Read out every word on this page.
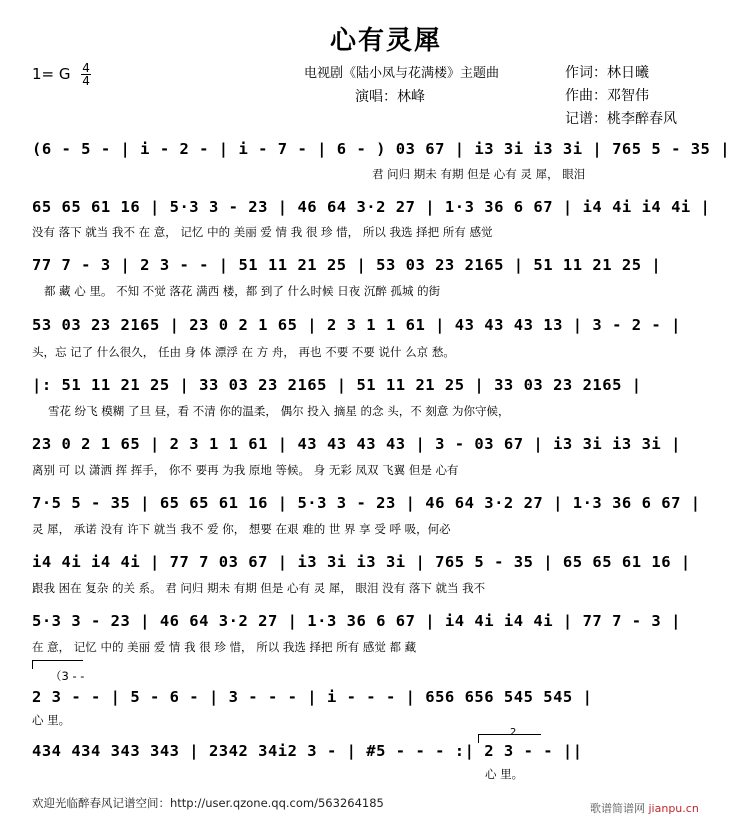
心有灵犀
1= G $\frac{4}{4}$	电视剧《陆小凤与花满楼》主题曲
演唱：林峰
作词：林日曦
作曲：邓智伟
记谱：桃李醉春风
(6 - 5 - | i - 2 - | i - 7 - | 6 - ) 03 67 | i3 3i i3 3i | 765 5 - 35 |
君 问归 期未 有期 但是 心有 灵 犀， 眼泪
65 65 61 16 | 5·3 3 - 23 | 46 64 3·2 27 | 1·3 36 6 67 | i4 4i i4 4i |
没有 落下 就当 我不 在 意， 记忆 中的 美丽 爱 情 我 很 珍 惜， 所以 我选 择把 所有 感觉
77 7 - 3 | 2 3 - - | 51 11 21 25 | 53 03 23 2165 | 51 11 21 25 |
都 藏 心 里。 不知 不觉 落花 满西 楼，都 到了 什么时候 日夜 沉醉 孤城 的街
53 03 23 2165 | 23 0 2 1 65 | 2 3 1 1 61 | 43 43 43 13 | 3 - 2 - |
头，忘 记了 什么很久， 任由 身 体 漂浮 在 方 舟， 再也 不要 不要 说什 么京 愁。
|: 51 11 21 25 | 33 03 23 2165 | 51 11 21 25 | 33 03 23 2165 |
雪花 纷飞 模糊 了旦 昼，看 不清 你的温柔， 偶尔 投入 摘星 的念 头，不 刻意 为你守候，
23 0 2 1 65 | 2 3 1 1 61 | 43 43 43 43 | 3 - 03 67 | i3 3i i3 3i |
离别 可 以 潇洒 挥 挥手， 你不 要再 为我 原地 等候。 身 无彩 凤双 飞翼 但是 心有
7·5 5 - 35 | 65 65 61 16 | 5·3 3 - 23 | 46 64 3·2 27 | 1·3 36 6 67 |
灵 犀， 承诺 没有 许下 就当 我不 爱 你， 想要 在艰 难的 世 界 享 受 呼 吸，何必
i4 4i i4 4i | 77 7 03 67 | i3 3i i3 3i | 765 5 - 35 | 65 65 61 16 |
跟我 困在 复杂 的关 系。 君 问归 期未 有期 但是 心有 灵 犀， 眼泪 没有 落下 就当 我不
5·3 3 - 23 | 46 64 3·2 27 | 1·3 36 6 67 | i4 4i i4 4i | 77 7 - 3 |
在 意， 记忆 中的 美丽 爱 情 我 很 珍 惜， 所以 我选 择把 所有 感觉 都 藏
（3 - -
2 3 - - | 5 - 6 - | 3 - - - | i - - - | 656 656 545 545 |
心 里。
434 434 343 343 | 2342 34i2 3 - | #5 - - - :| 2 3 - - ||
2
心 里。
欢迎光临醉春风记谱空间：http://user.qzone.qq.com/563264185	歌谱简谱网 jianpu.cn
